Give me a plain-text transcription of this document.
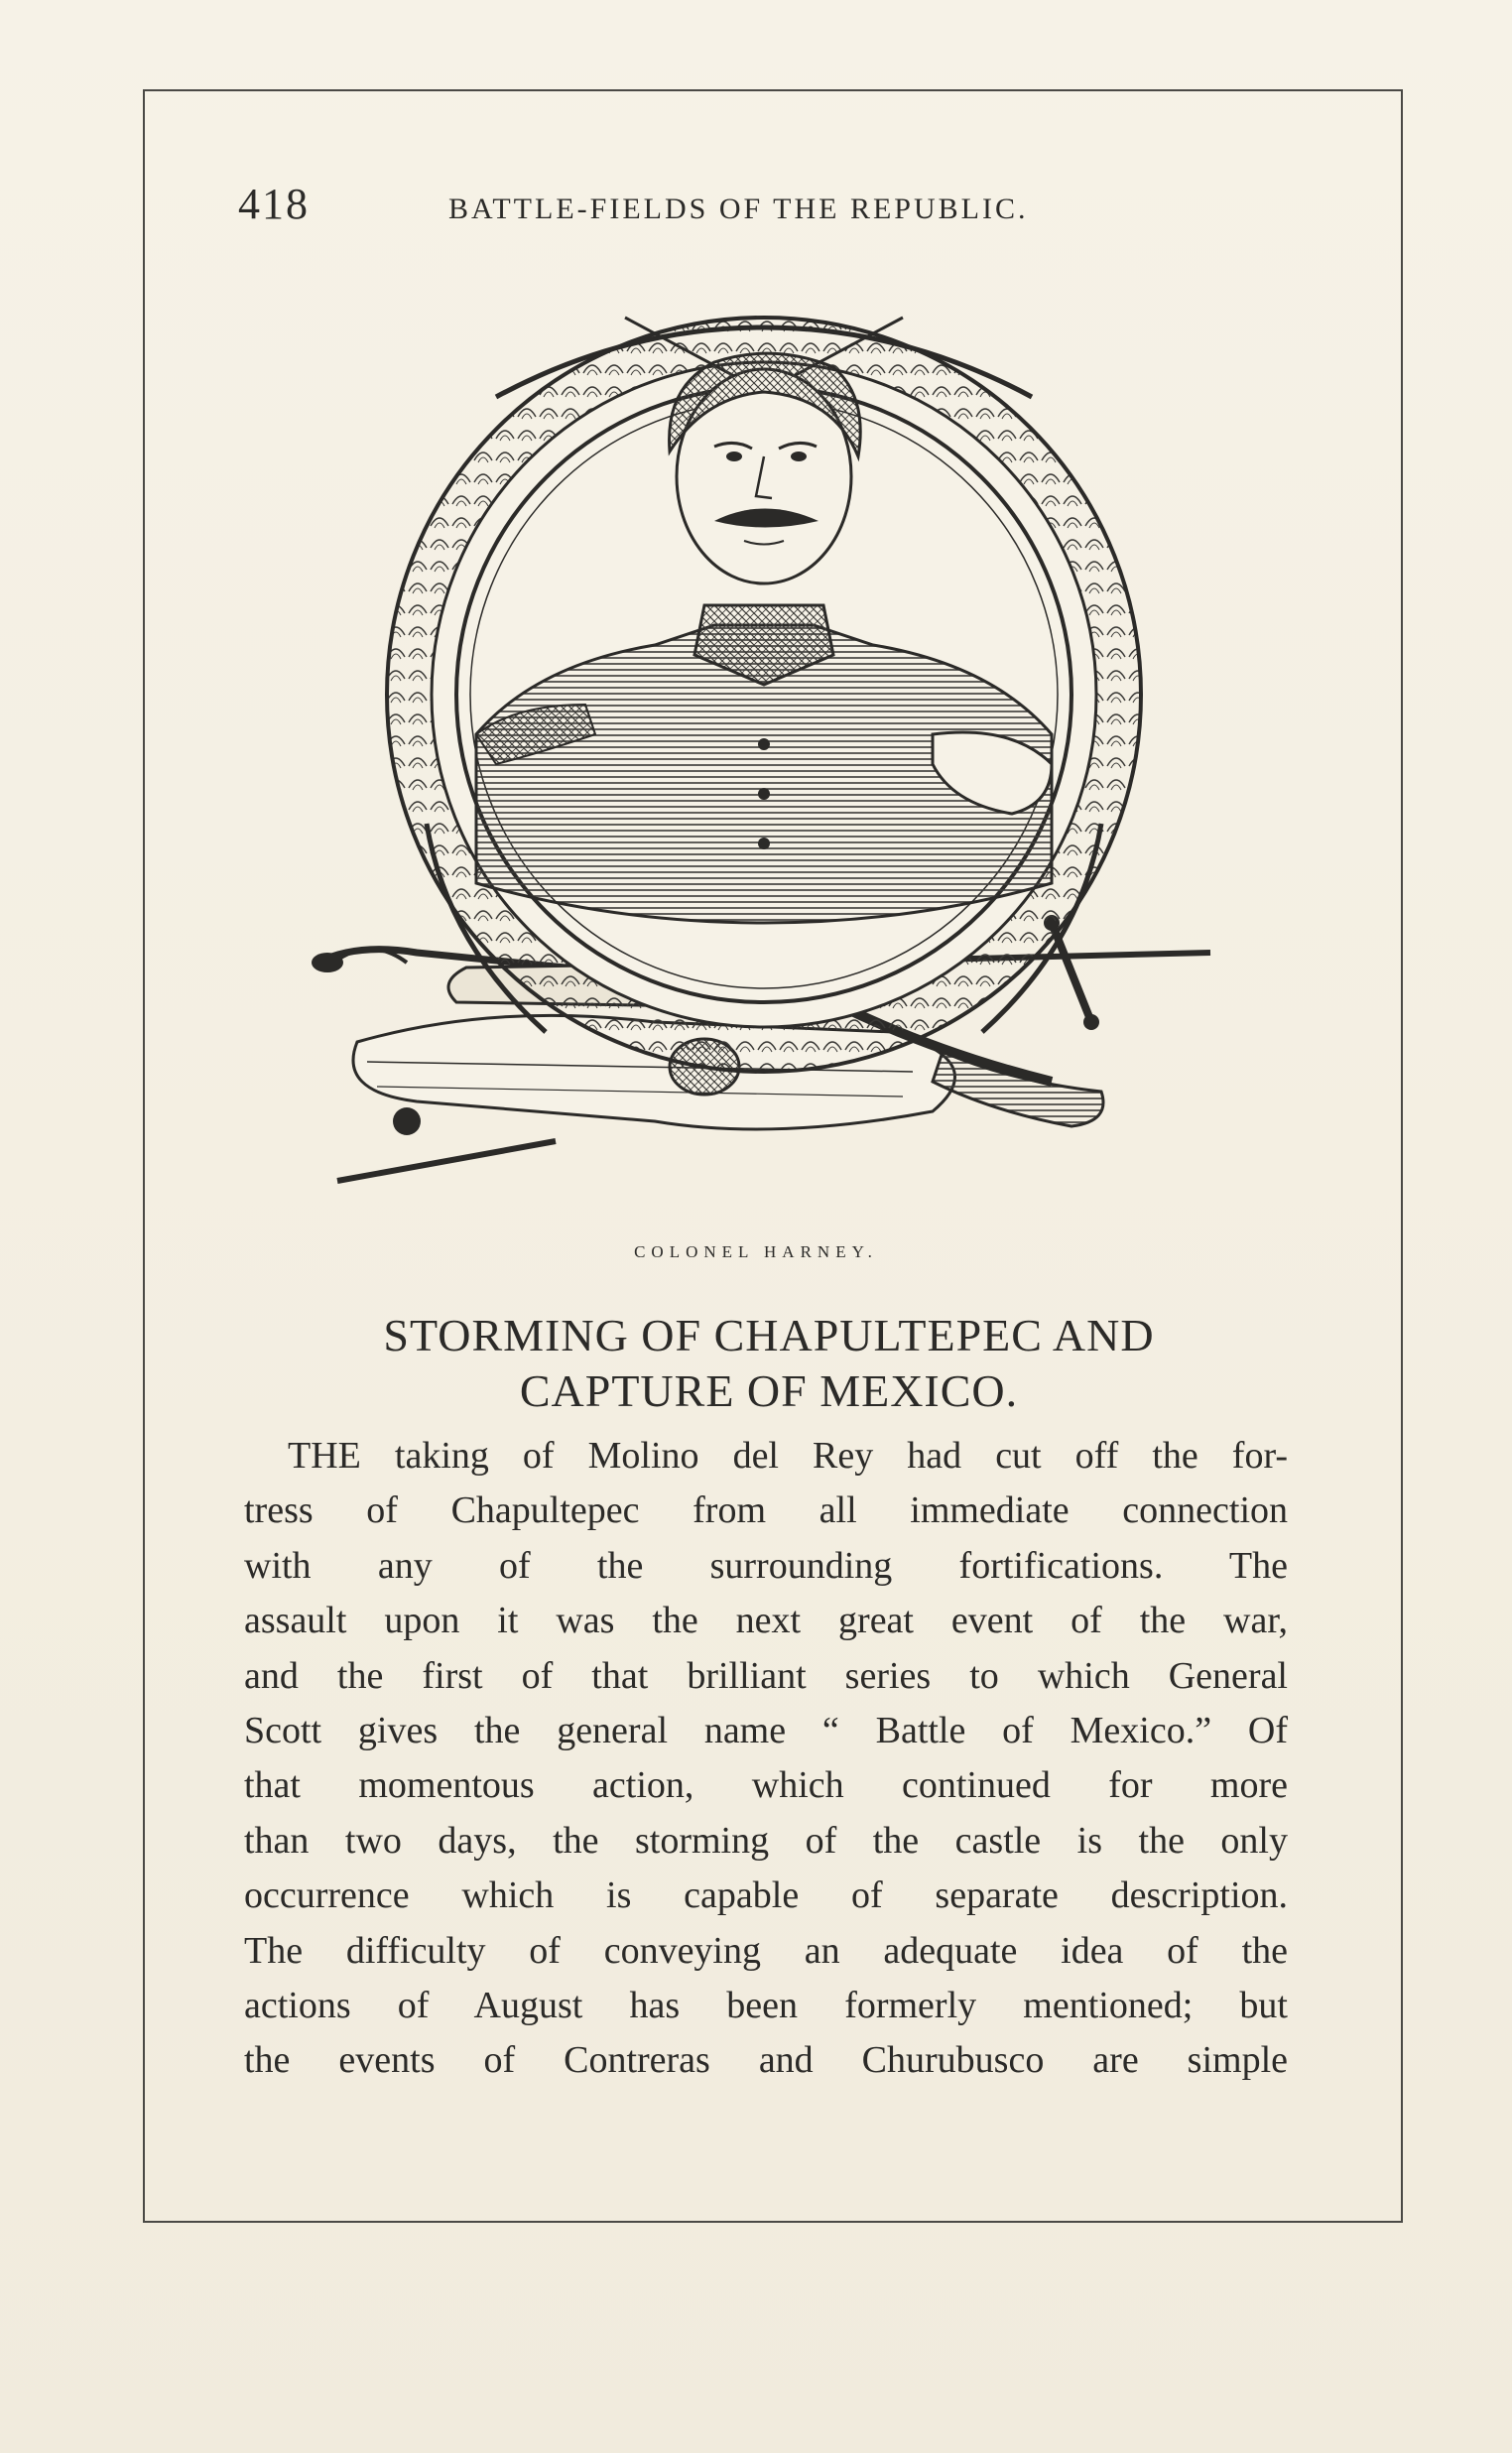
418	BATTLE-FIELDS OF THE REPUBLIC.
COLONEL HARNEY.
STORMING OF CHAPULTEPEC AND
CAPTURE OF MEXICO.
THE taking of Molino del Rey had cut off the for-
tress of Chapultepec from all immediate connection
with any of the surrounding fortifications. The
assault upon it was the next great event of the war,
and the first of that brilliant series to which General
Scott gives the general name “ Battle of Mexico.” Of
that momentous action, which continued for more
than two days, the storming of the castle is the only
occurrence which is capable of separate description.
The difficulty of conveying an adequate idea of the
actions of August has been formerly mentioned; but
the events of Contreras and Churubusco are simple
